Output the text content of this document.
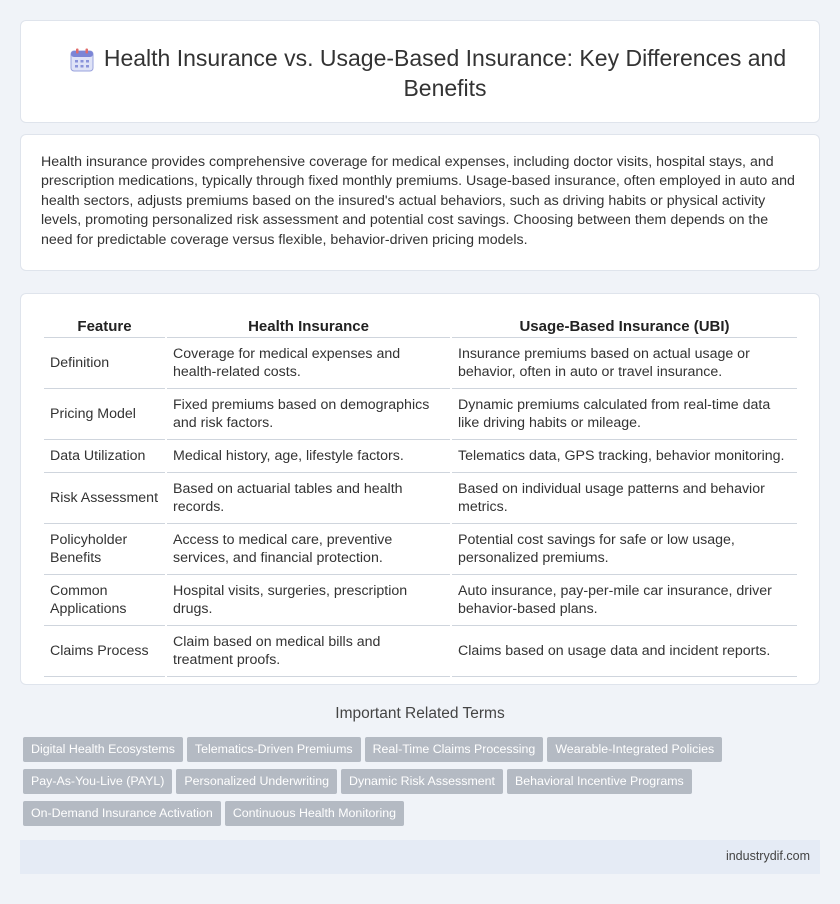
Health Insurance vs. Usage-Based Insurance: Key Differences and Benefits

Health insurance provides comprehensive coverage for medical expenses, including doctor visits, hospital stays, and prescription medications, typically through fixed monthly premiums. Usage-based insurance, often employed in auto and health sectors, adjusts premiums based on the insured's actual behaviors, such as driving habits or physical activity levels, promoting personalized risk assessment and potential cost savings. Choosing between them depends on the need for predictable coverage versus flexible, behavior-driven pricing models.

Feature	Health Insurance	Usage-Based Insurance (UBI)
Definition	Coverage for medical expenses and health-related costs.	Insurance premiums based on actual usage or behavior, often in auto or travel insurance.
Pricing Model	Fixed premiums based on demographics and risk factors.	Dynamic premiums calculated from real-time data like driving habits or mileage.
Data Utilization	Medical history, age, lifestyle factors.	Telematics data, GPS tracking, behavior monitoring.
Risk Assessment	Based on actuarial tables and health records.	Based on individual usage patterns and behavior metrics.
Policyholder Benefits	Access to medical care, preventive services, and financial protection.	Potential cost savings for safe or low usage, personalized premiums.
Common Applications	Hospital visits, surgeries, prescription drugs.	Auto insurance, pay-per-mile car insurance, driver behavior-based plans.
Claims Process	Claim based on medical bills and treatment proofs.	Claims based on usage data and incident reports.
Important Related Terms
Digital Health Ecosystems Telematics-Driven Premiums Real-Time Claims Processing Wearable-Integrated Policies
Pay-As-You-Live (PAYL) Personalized Underwriting Dynamic Risk Assessment Behavioral Incentive Programs
On-Demand Insurance Activation Continuous Health Monitoring
industrydif.com
